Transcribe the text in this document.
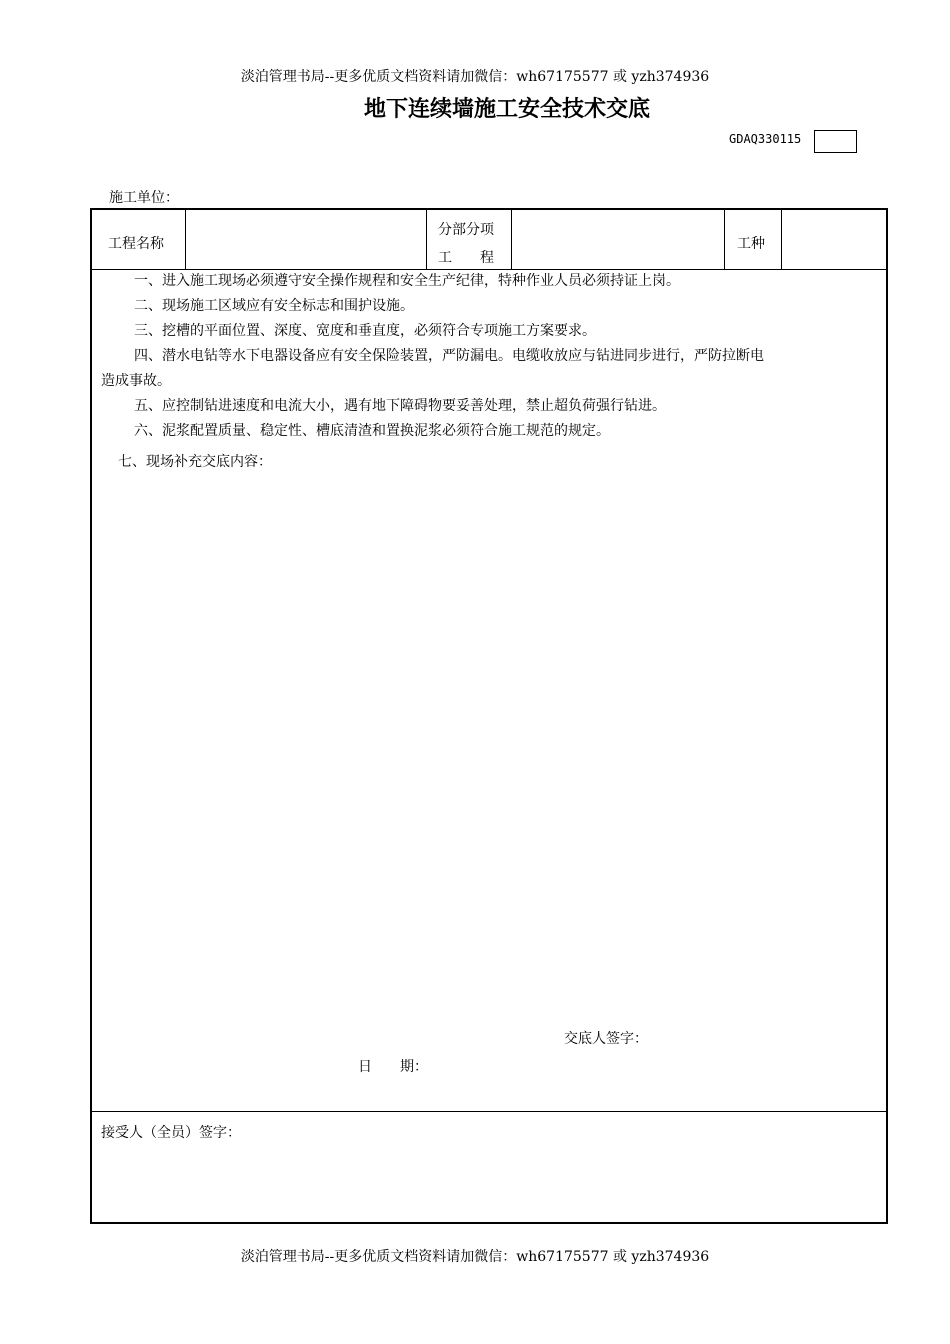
淡泊管理书局--更多优质文档资料请加微信：wh67175577 或 yzh374936
地下连续墙施工安全技术交底
GDAQ330115
施工单位：
工程名称
分部分项
工　　程
工种
一、进入施工现场必须遵守安全操作规程和安全生产纪律，特种作业人员必须持证上岗。
二、现场施工区域应有安全标志和围护设施。
三、挖槽的平面位置、深度、宽度和垂直度，必须符合专项施工方案要求。
四、潜水电钻等水下电器设备应有安全保险装置，严防漏电。电缆收放应与钻进同步进行，严防拉断电
造成事故。
五、应控制钻进速度和电流大小，遇有地下障碍物要妥善处理，禁止超负荷强行钻进。
六、泥浆配置质量、稳定性、槽底清渣和置换泥浆必须符合施工规范的规定。
七、现场补充交底内容：
交底人签字：
日　　期：
接受人（全员）签字：
淡泊管理书局--更多优质文档资料请加微信：wh67175577 或 yzh374936
